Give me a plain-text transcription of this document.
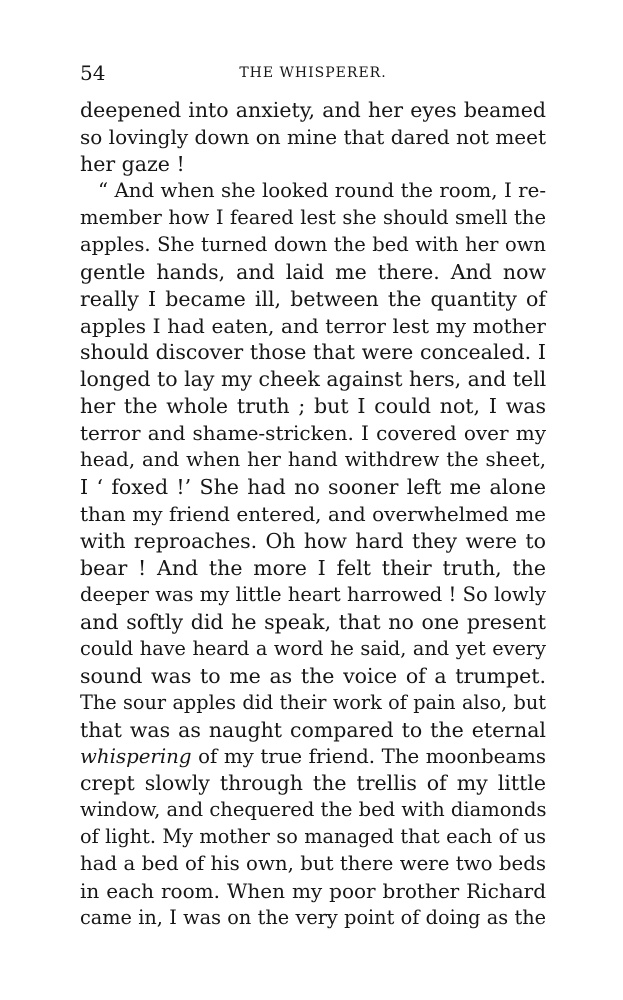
54	THE WHISPERER.
deepened into anxiety, and her eyes beamed
so lovingly down on mine that dared not meet
her gaze !
“ And when she looked round the room, I re-
member how I feared lest she should smell the
apples. She turned down the bed with her own
gentle hands, and laid me there. And now
really I became ill, between the quantity of
apples I had eaten, and terror lest my mother
should discover those that were concealed. I
longed to lay my cheek against hers, and tell
her the whole truth ; but I could not, I was
terror and shame-stricken. I covered over my
head, and when her hand withdrew the sheet,
I ‘ foxed !’ She had no sooner left me alone
than my friend entered, and overwhelmed me
with reproaches. Oh how hard they were to
bear ! And the more I felt their truth, the
deeper was my little heart harrowed ! So lowly
and softly did he speak, that no one present
could have heard a word he said, and yet every
sound was to me as the voice of a trumpet.
The sour apples did their work of pain also, but
that was as naught compared to the eternal
whispering of my true friend. The moonbeams
crept slowly through the trellis of my little
window, and chequered the bed with diamonds
of light. My mother so managed that each of us
had a bed of his own, but there were two beds
in each room. When my poor brother Richard
came in, I was on the very point of doing as the
